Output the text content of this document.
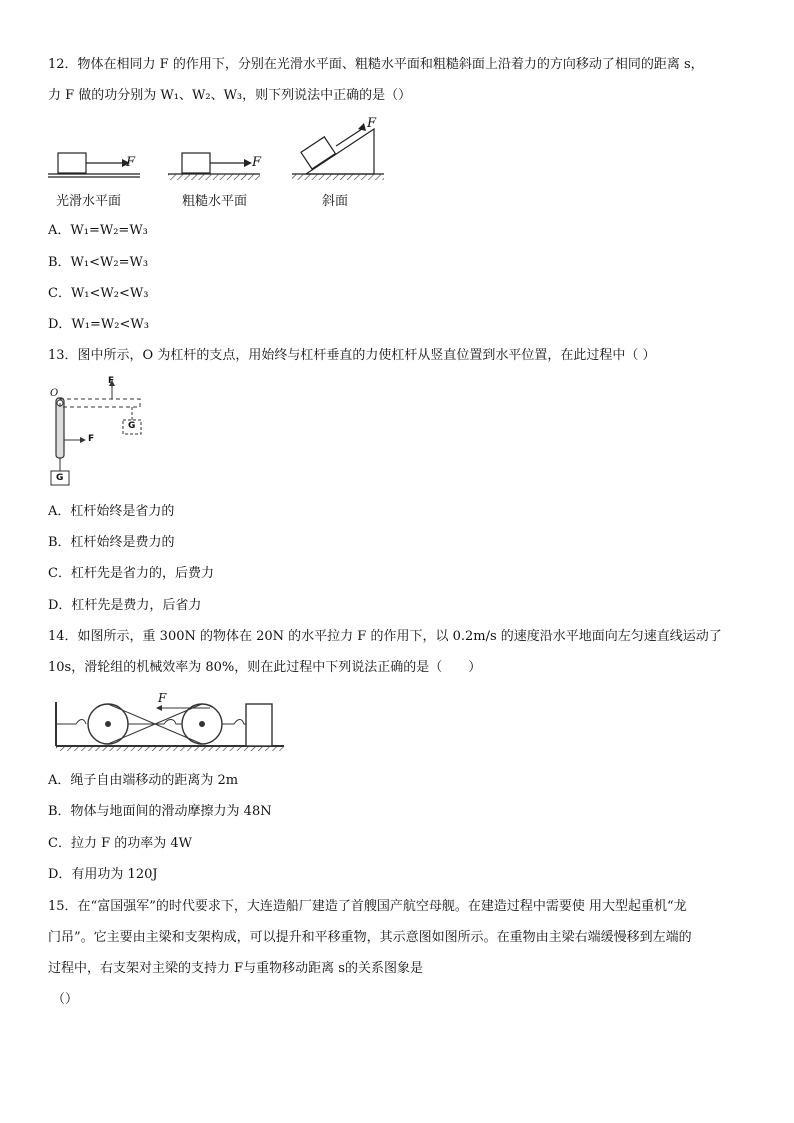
12．物体在相同力 F 的作用下，分别在光滑水平面、粗糙水平面和粗糙斜面上沿着力的方向移动了相同的距离 s，
力 F 做的功分别为 W₁、W₂、W₃，则下列说法中正确的是（）
F	F
F
光滑水平面	粗糙水平面	斜面
A．W₁=W₂=W₃
B．W₁<W₂=W₃
C．W₁<W₂<W₃
D．W₁=W₂<W₃
13．图中所示，O 为杠杆的支点，用始终与杠杆垂直的力使杠杆从竖直位置到水平位置，在此过程中（ ）
O
F
F
G
G
A．杠杆始终是省力的
B．杠杆始终是费力的
C．杠杆先是省力的，后费力
D．杠杆先是费力，后省力
14．如图所示，重 300N 的物体在 20N 的水平拉力 F 的作用下，以 0.2m/s 的速度沿水平地面向左匀速直线运动了
10s，滑轮组的机械效率为 80%，则在此过程中下列说法正确的是（　　）
F
A．绳子自由端移动的距离为 2m
B．物体与地面间的滑动摩擦力为 48N
C．拉力 F 的功率为 4W
D．有用功为 120J
15．在“富国强军”的时代要求下，大连造船厂建造了首艘国产航空母舰。在建造过程中需要使 用大型起重机“龙
门吊”。它主要由主梁和支架构成，可以提升和平移重物，其示意图如图所示。在重物由主梁右端缓慢移到左端的
过程中，右支架对主梁的支持力 F与重物移动距离 s的关系图象是
（）
